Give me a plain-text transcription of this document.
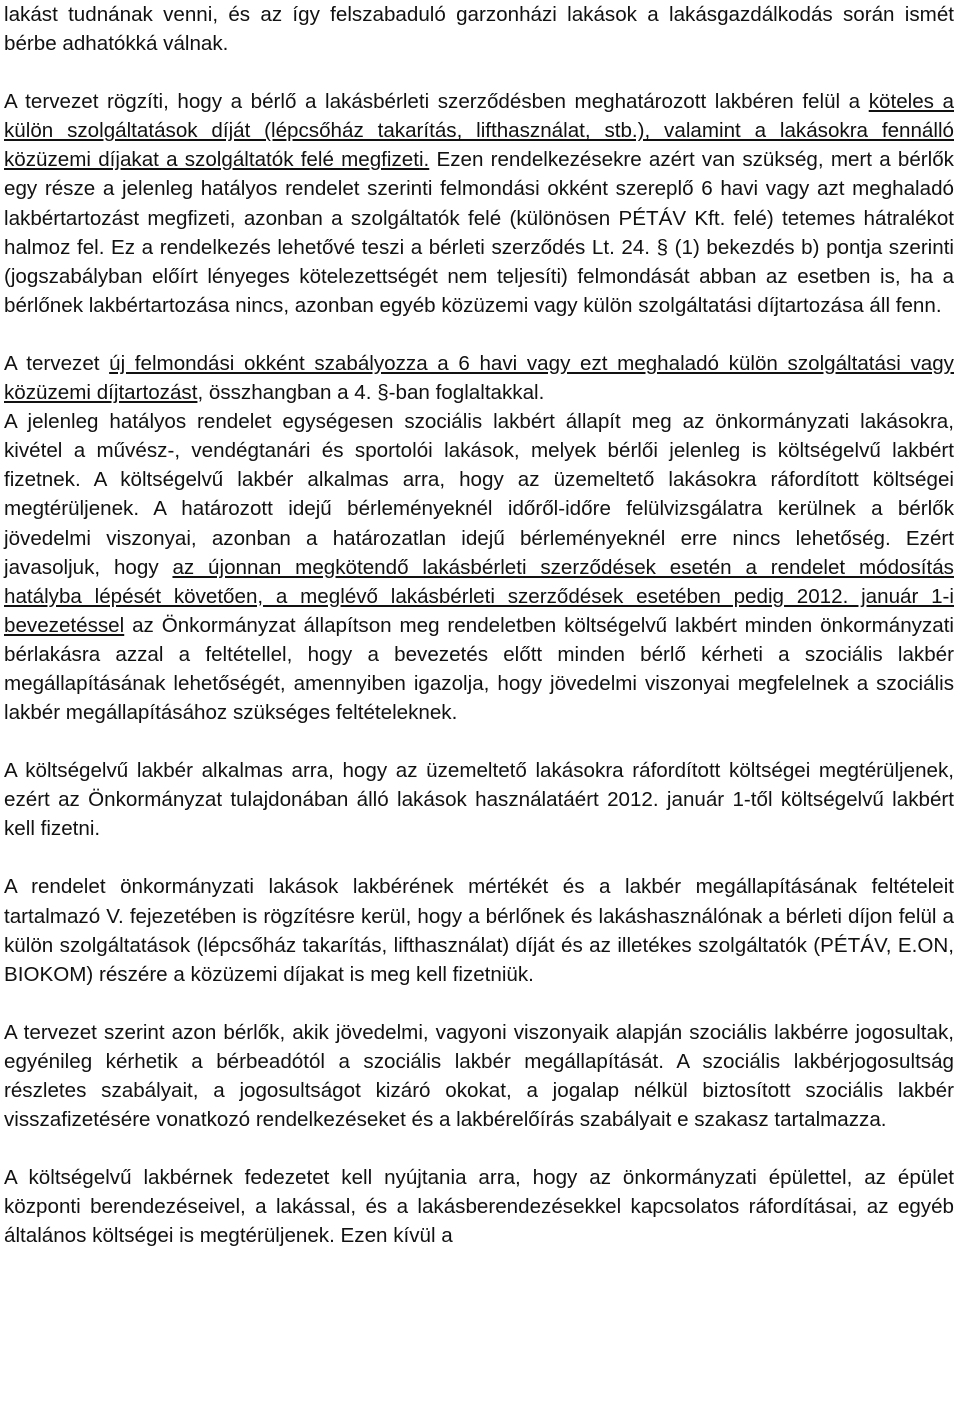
lakást tudnának venni, és az így felszabaduló garzonházi lakások a lakásgazdálkodás során ismét bérbe adhatókká válnak.

A tervezet rögzíti, hogy a bérlő a lakásbérleti szerződésben meghatározott lakbéren felül a köteles a külön szolgáltatások díját (lépcsőház takarítás, lifthasználat, stb.), valamint a lakásokra fennálló közüzemi díjakat a szolgáltatók felé megfizeti. Ezen rendelkezésekre azért van szükség, mert a bérlők egy része a jelenleg hatályos rendelet szerinti felmondási okként szereplő 6 havi vagy azt meghaladó lakbértartozást megfizeti, azonban a szolgáltatók felé (különösen PÉTÁV Kft. felé) tetemes hátralékot halmoz fel. Ez a rendelkezés lehetővé teszi a bérleti szerződés Lt. 24. § (1) bekezdés b) pontja szerinti (jogszabályban előírt lényeges kötelezettségét nem teljesíti) felmondását abban az esetben is, ha a bérlőnek lakbértartozása nincs, azonban egyéb közüzemi vagy külön szolgáltatási díjtartozása áll fenn.

A tervezet új felmondási okként szabályozza a 6 havi vagy ezt meghaladó külön szolgáltatási vagy közüzemi díjtartozást, összhangban a 4. §-ban foglaltakkal.

A jelenleg hatályos rendelet egységesen szociális lakbért állapít meg az önkormányzati lakásokra, kivétel a művész-, vendégtanári és sportolói lakások, melyek bérlői jelenleg is költségelvű lakbért fizetnek. A költségelvű lakbér alkalmas arra, hogy az üzemeltető lakásokra ráfordított költségei megtérüljenek. A határozott idejű bérleményeknél időről-időre felülvizsgálatra kerülnek a bérlők jövedelmi viszonyai, azonban a határozatlan idejű bérleményeknél erre nincs lehetőség. Ezért javasoljuk, hogy az újonnan megkötendő lakásbérleti szerződések esetén a rendelet módosítás hatályba lépését követően, a meglévő lakásbérleti szerződések esetében pedig 2012. január 1-i bevezetéssel az Önkormányzat állapítson meg rendeletben költségelvű lakbért minden önkormányzati bérlakásra azzal a feltétellel, hogy a bevezetés előtt minden bérlő kérheti a szociális lakbér megállapításának lehetőségét, amennyiben igazolja, hogy jövedelmi viszonyai megfelelnek a szociális lakbér megállapításához szükséges feltételeknek.

A költségelvű lakbér alkalmas arra, hogy az üzemeltető lakásokra ráfordított költségei megtérüljenek, ezért az Önkormányzat tulajdonában álló lakások használatáért 2012. január 1-től költségelvű lakbért kell fizetni.

A rendelet önkormányzati lakások lakbérének mértékét és a lakbér megállapításának feltételeit tartalmazó V. fejezetében is rögzítésre kerül, hogy a bérlőnek és lakáshasználónak a bérleti díjon felül a külön szolgáltatások (lépcsőház takarítás, lifthasználat) díját és az illetékes szolgáltatók (PÉTÁV, E.ON, BIOKOM) részére a közüzemi díjakat is meg kell fizetniük.

A tervezet szerint azon bérlők, akik jövedelmi, vagyoni viszonyaik alapján szociális lakbérre jogosultak, egyénileg kérhetik a bérbeadótól a szociális lakbér megállapítását. A szociális lakbérjogosultság részletes szabályait, a jogosultságot kizáró okokat, a jogalap nélkül biztosított szociális lakbér visszafizetésére vonatkozó rendelkezéseket és a lakbérelőírás szabályait e szakasz tartalmazza.

A költségelvű lakbérnek fedezetet kell nyújtania arra, hogy az önkormányzati épülettel, az épület központi berendezéseivel, a lakással, és a lakásberendezésekkel kapcsolatos ráfordításai, az egyéb általános költségei is megtérüljenek. Ezen kívül a
